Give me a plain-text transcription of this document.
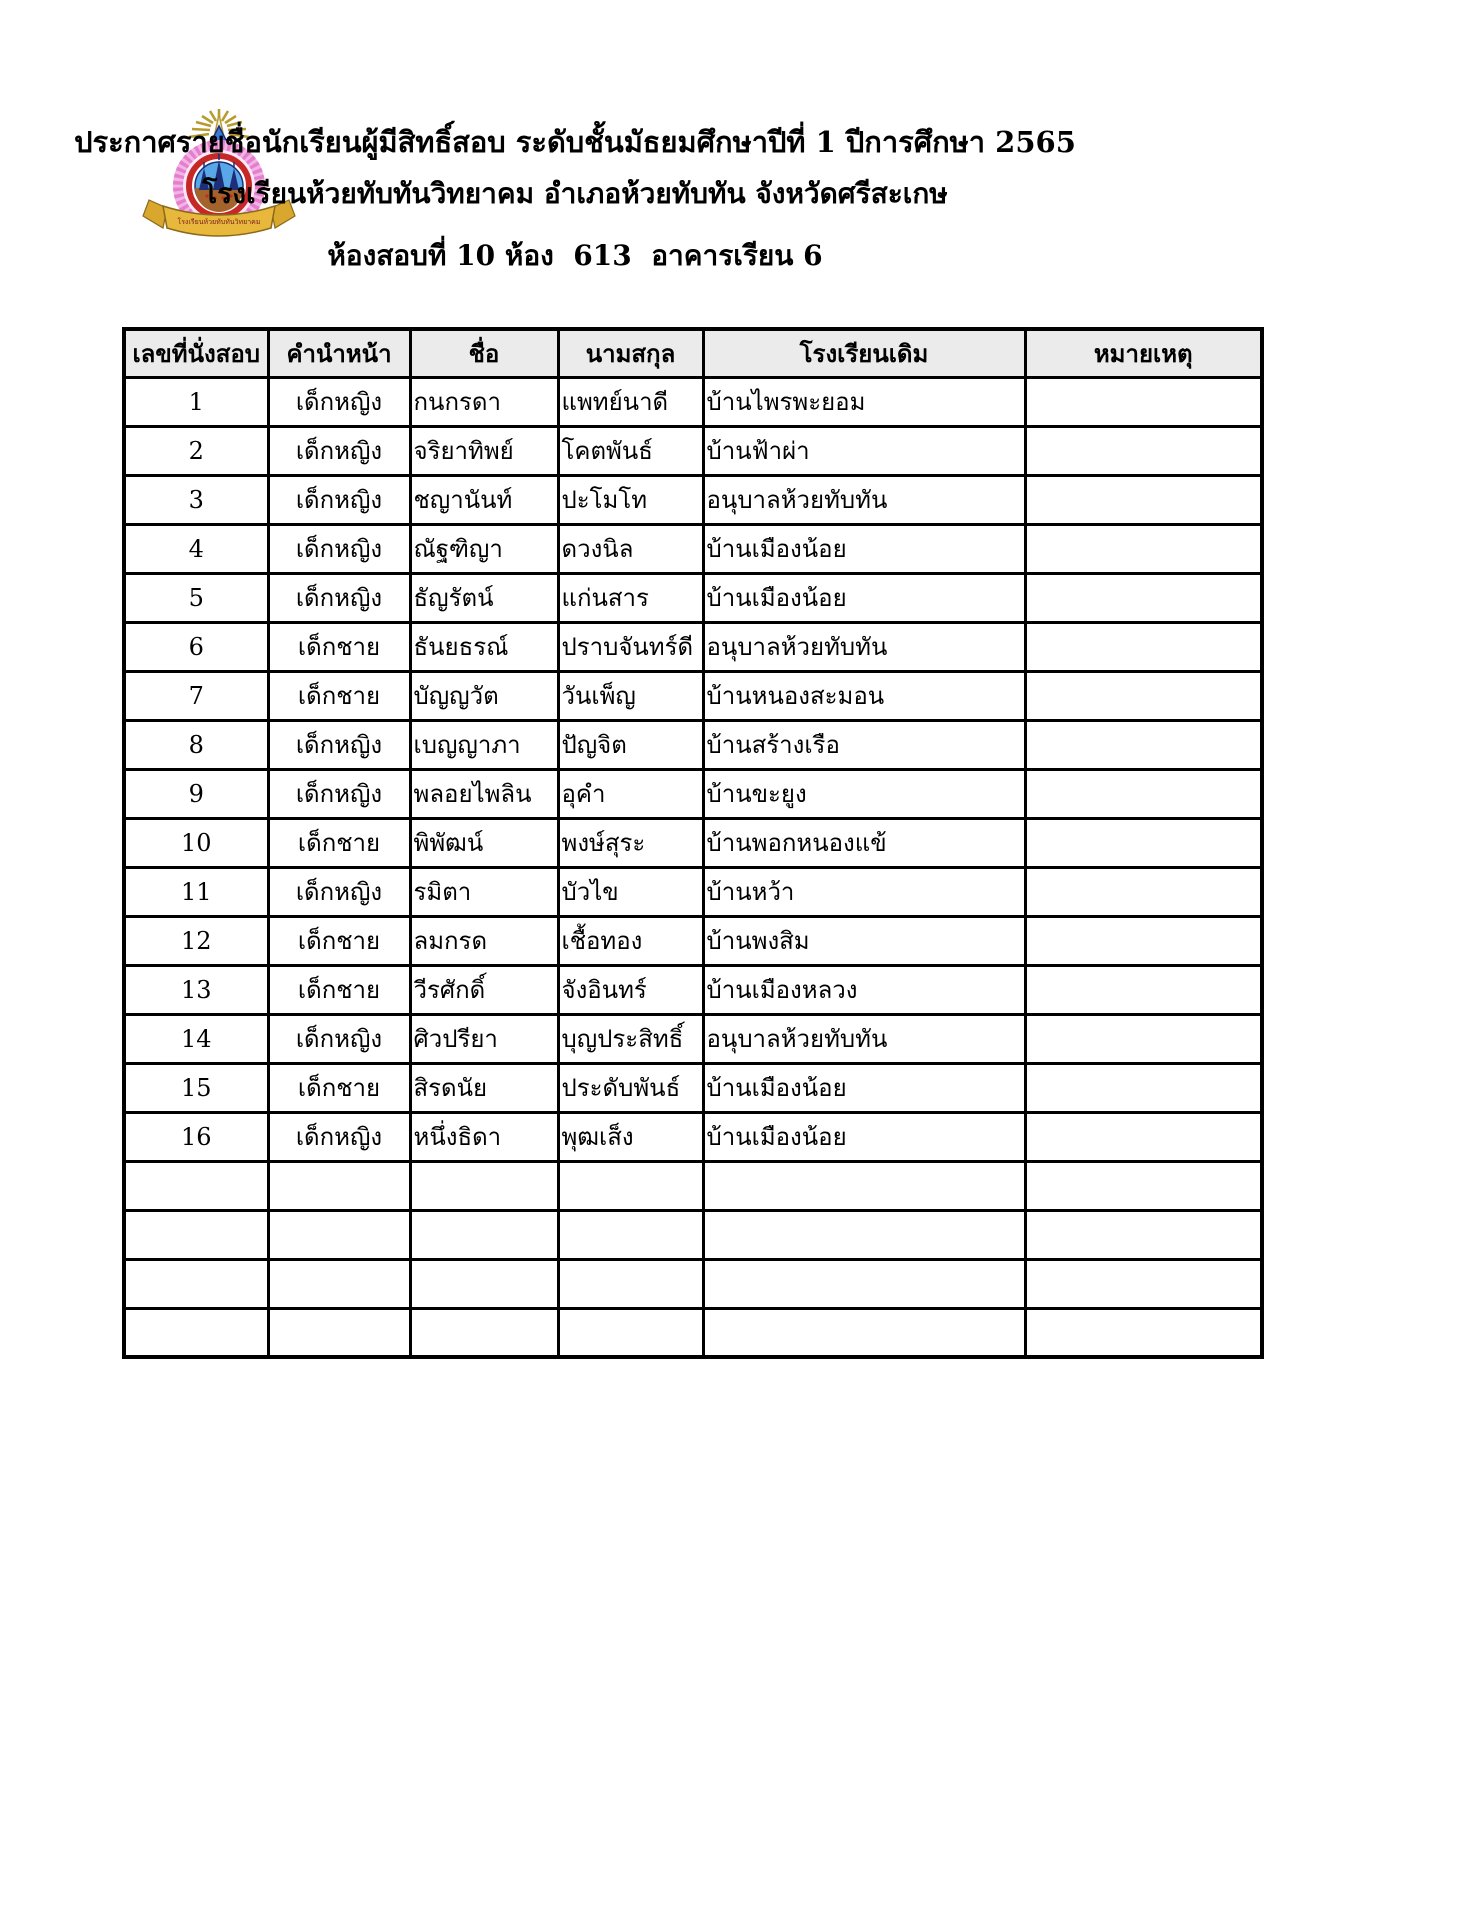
โรงเรียนห้วยทับทันวิทยาคม
ประกาศรายชื่อนักเรียนผู้มีสิทธิ์สอบ ระดับชั้นมัธยมศึกษาปีที่ 1 ปีการศึกษา 2565
โรงเรียนห้วยทับทันวิทยาคม อำเภอห้วยทับทัน จังหวัดศรีสะเกษ
ห้องสอบที่ 10 ห้อง  613  อาคารเรียน 6
เลขที่นั่งสอบ	คำนำหน้า	ชื่อ	นามสกุล	โรงเรียนเดิม	หมายเหตุ
1	เด็กหญิง	กนกรดา	แพทย์นาดี	บ้านไพรพะยอม	
2	เด็กหญิง	จริยาทิพย์	โคตพันธ์	บ้านฟ้าผ่า	
3	เด็กหญิง	ชญานันท์	ปะโมโท	อนุบาลห้วยทับทัน	
4	เด็กหญิง	ณัฐฑิญา	ดวงนิล	บ้านเมืองน้อย	
5	เด็กหญิง	ธัญรัตน์	แก่นสาร	บ้านเมืองน้อย	
6	เด็กชาย	ธันยธรณ์	ปราบจันทร์ดี	อนุบาลห้วยทับทัน	
7	เด็กชาย	บัญญวัต	วันเพ็ญ	บ้านหนองสะมอน	
8	เด็กหญิง	เบญญาภา	ปัญจิต	บ้านสร้างเรือ	
9	เด็กหญิง	พลอยไพลิน	อุคำ	บ้านขะยูง	
10	เด็กชาย	พิพัฒน์	พงษ์สุระ	บ้านพอกหนองแข้	
11	เด็กหญิง	รมิตา	บัวไข	บ้านหว้า	
12	เด็กชาย	ลมกรด	เชื้อทอง	บ้านพงสิม	
13	เด็กชาย	วีรศักดิ์	จังอินทร์	บ้านเมืองหลวง	
14	เด็กหญิง	ศิวปรียา	บุญประสิทธิ์	อนุบาลห้วยทับทัน	
15	เด็กชาย	สิรดนัย	ประดับพันธ์	บ้านเมืองน้อย	
16	เด็กหญิง	หนึ่งธิดา	พุฒเส็ง	บ้านเมืองน้อย	
